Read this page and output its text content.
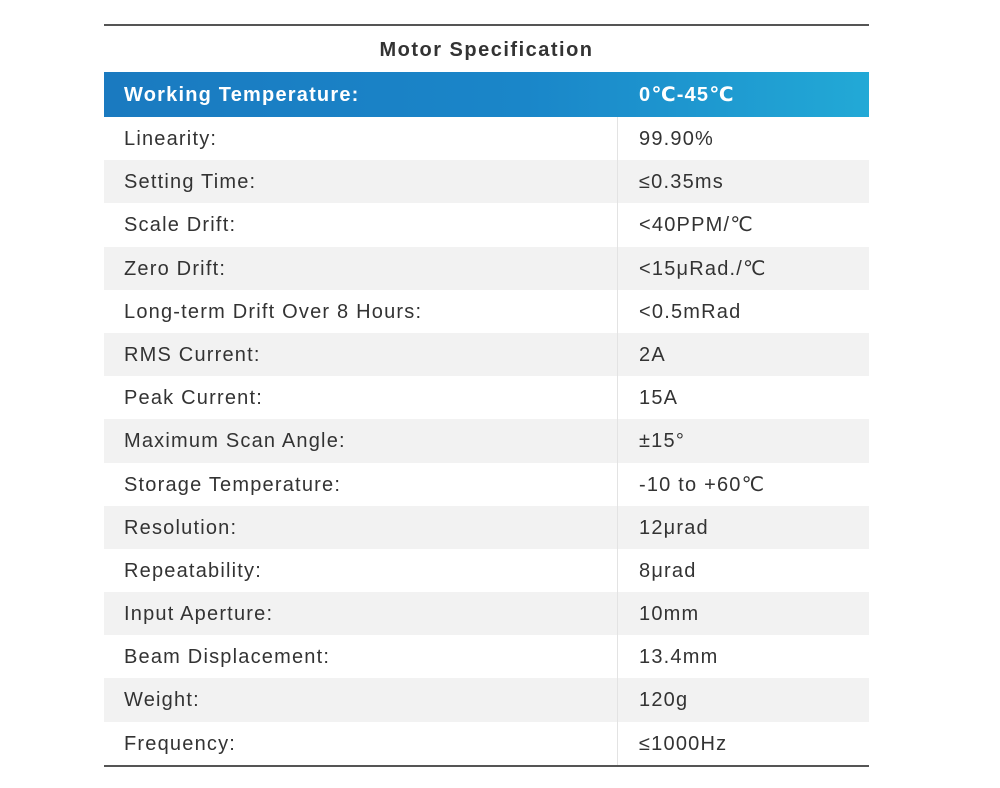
Motor Specification
Working Temperature:	0℃-45℃
Linearity:	99.90%
Setting Time:	≤0.35ms
Scale Drift:	<40PPM/℃
Zero Drift:	<15μRad./℃
Long-term Drift Over 8 Hours:	<0.5mRad
RMS Current:	2A
Peak Current:	15A
Maximum Scan Angle:	±15°
Storage Temperature:	-10 to +60℃
Resolution:	12μrad
Repeatability:	8μrad
Input Aperture:	10mm
Beam Displacement:	13.4mm
Weight:	120g
Frequency:	≤1000Hz
